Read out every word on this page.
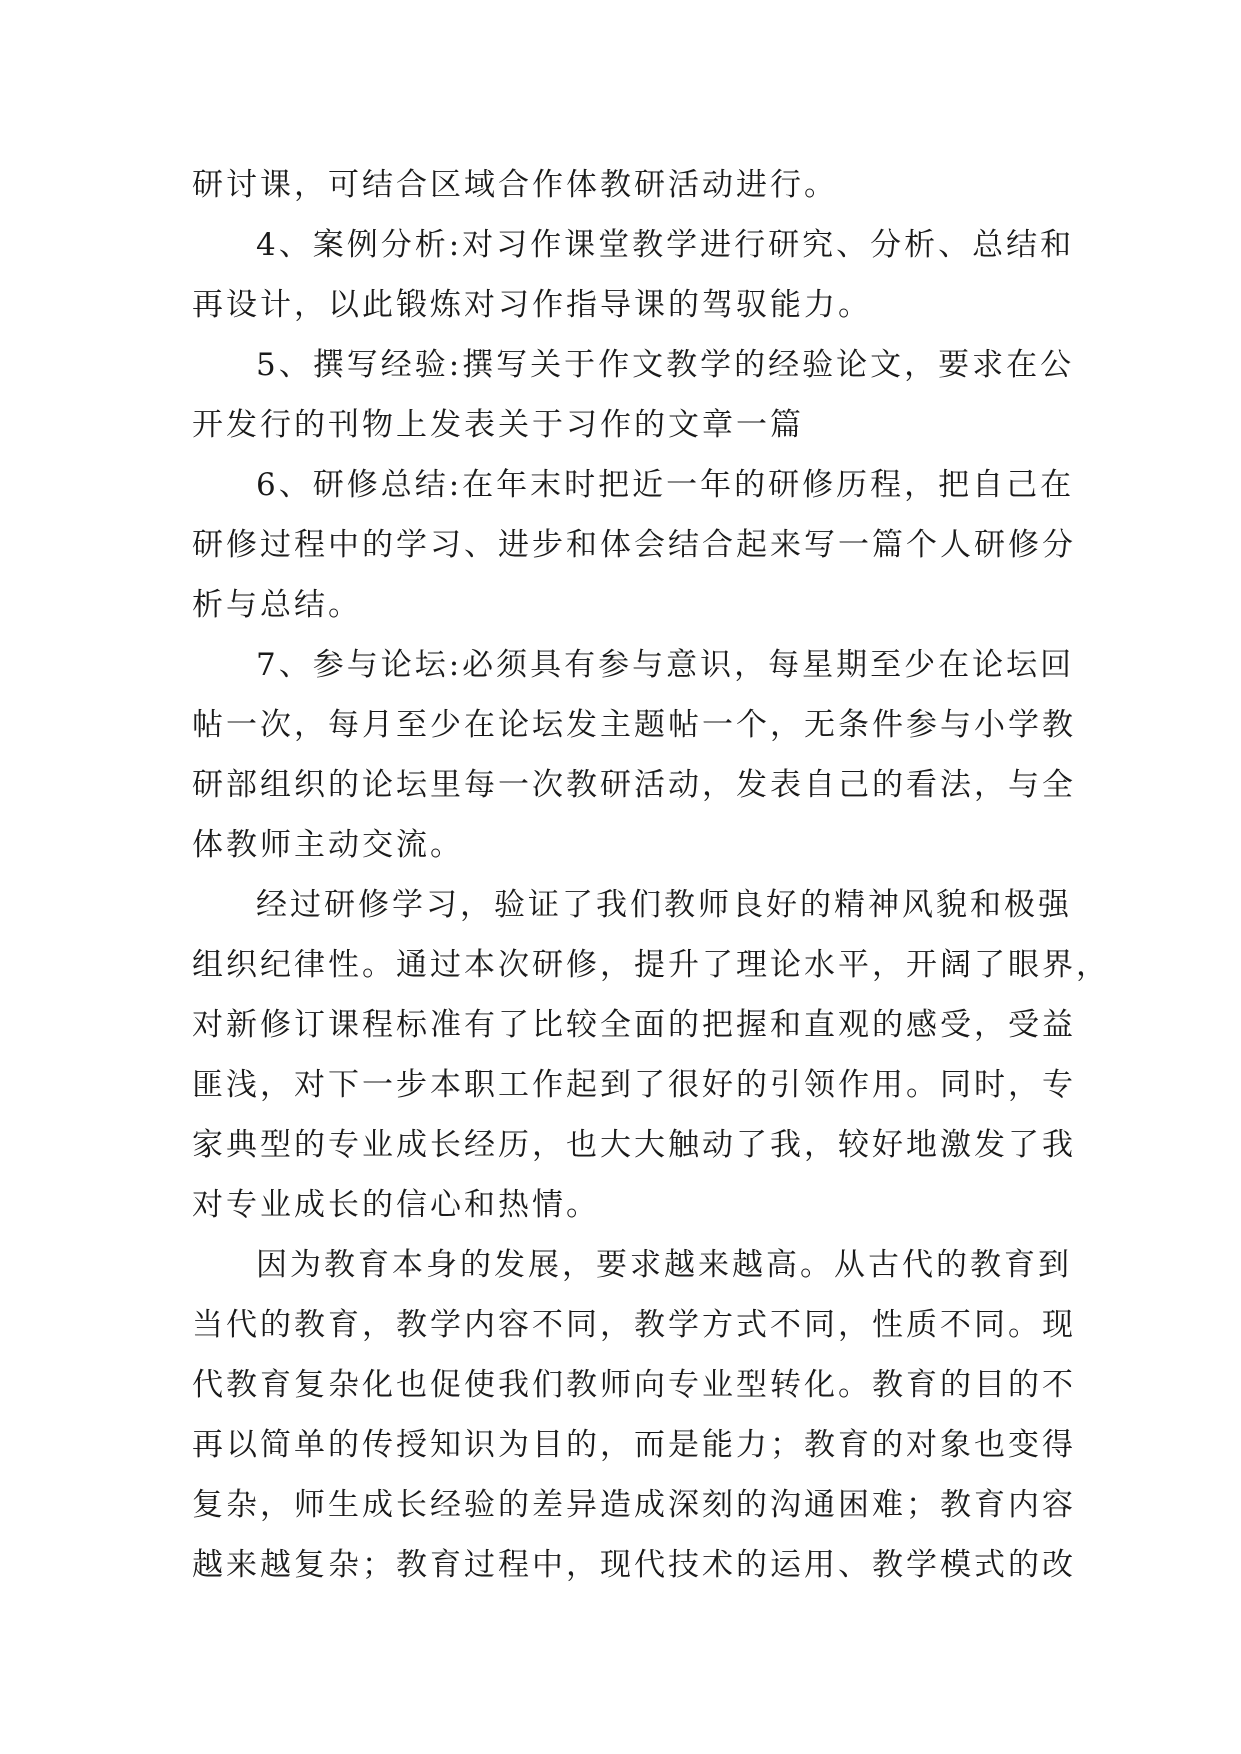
研讨课，可结合区域合作体教研活动进行。
4、案例分析:对习作课堂教学进行研究、分析、总结和
再设计，以此锻炼对习作指导课的驾驭能力。
5、撰写经验:撰写关于作文教学的经验论文，要求在公
开发行的刊物上发表关于习作的文章一篇
6、研修总结:在年末时把近一年的研修历程，把自己在
研修过程中的学习、进步和体会结合起来写一篇个人研修分
析与总结。
7、参与论坛:必须具有参与意识，每星期至少在论坛回
帖一次，每月至少在论坛发主题帖一个，无条件参与小学教
研部组织的论坛里每一次教研活动，发表自己的看法，与全
体教师主动交流。
经过研修学习，验证了我们教师良好的精神风貌和极强
组织纪律性。通过本次研修，提升了理论水平，开阔了眼界，
对新修订课程标准有了比较全面的把握和直观的感受，受益
匪浅，对下一步本职工作起到了很好的引领作用。同时，专
家典型的专业成长经历，也大大触动了我，较好地激发了我
对专业成长的信心和热情。
因为教育本身的发展，要求越来越高。从古代的教育到
当代的教育，教学内容不同，教学方式不同，性质不同。现
代教育复杂化也促使我们教师向专业型转化。教育的目的不
再以简单的传授知识为目的，而是能力；教育的对象也变得
复杂，师生成长经验的差异造成深刻的沟通困难；教育内容
越来越复杂；教育过程中，现代技术的运用、教学模式的改
